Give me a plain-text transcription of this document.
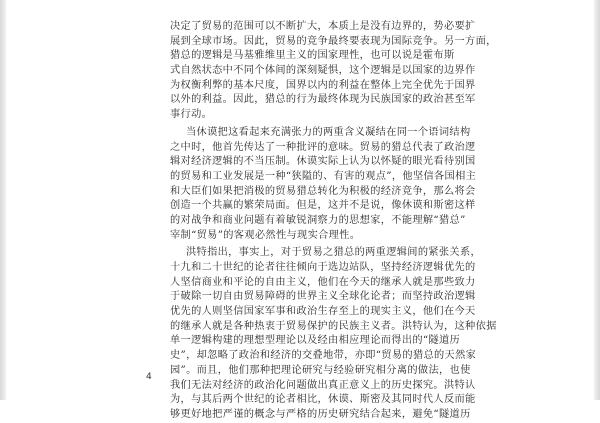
决定了贸易的范围可以不断扩大，本质上是没有边界的，势必要扩
展到全球市场。因此，贸易的竞争最终要表现为国际竞争。另一方面，
猎总的逻辑是马基雅维里主义的国家理性，也可以说是霍布斯
式自然状态中不同个体间的深刻疑惧，这个逻辑是以国家的边界作
为权衡利弊的基本尺度，国界以内的利益在整体上完全优先于国界
以外的利益。因此，猎总的行为最终体现为民族国家的政治甚至军
事行动。

当休谟把这看起来充满张力的两重含义凝结在同一个语词结构
之中时，他首先传达了一种批评的意味。贸易的猎总代表了政治逻
辑对经济逻辑的不当压制。休谟实际上认为以怀疑的眼光看待别国
的贸易和工业发展是一种“狭隘的、有害的观点”，他坚信各国相主
和大臣们如果把消极的贸易猎总转化为积极的经济竞争，那么将会
创造一个共赢的繁荣局面。但是，这并不是说，像休谟和斯密这样
的对战争和商业问题有着敏锐洞察力的思想家，不能理解“猎总”
宰制“贸易”的客观必然性与现实合理性。

洪特指出，事实上，对于贸易之猎总的两重逻辑间的紧张关系，
十九和二十世纪的论者往往倾向于选边站队，坚持经济逻辑优先的
人坚信商业和平论的自由主义，他们在今天的继承人就是那些致力
于破除一切自由贸易障碍的世界主义全球化论者；而坚持政治逻辑
优先的人则坚信国家军事和政治生存至上的现实主义，他们在今天
的继承人就是各种热衷于贸易保护的民族主义者。洪特认为，这种依据
单一逻辑构建的理想型理论以及经由相应理论而得出的“隧道历
史”，却忽略了政治和经济的交叠地带，亦即“贸易的猎总的天然家
园”。而且，他们那种把理论研究与经验研究相分离的做法，也使
我们无法对经济的政治化问题做出真正意义上的历史探究。洪特认
为，与其后两个世纪的论者相比，休谟、斯密及其同时代人反而能
够更好地把严谨的概念与严格的历史研究结合起来，避免“隧道历

4
